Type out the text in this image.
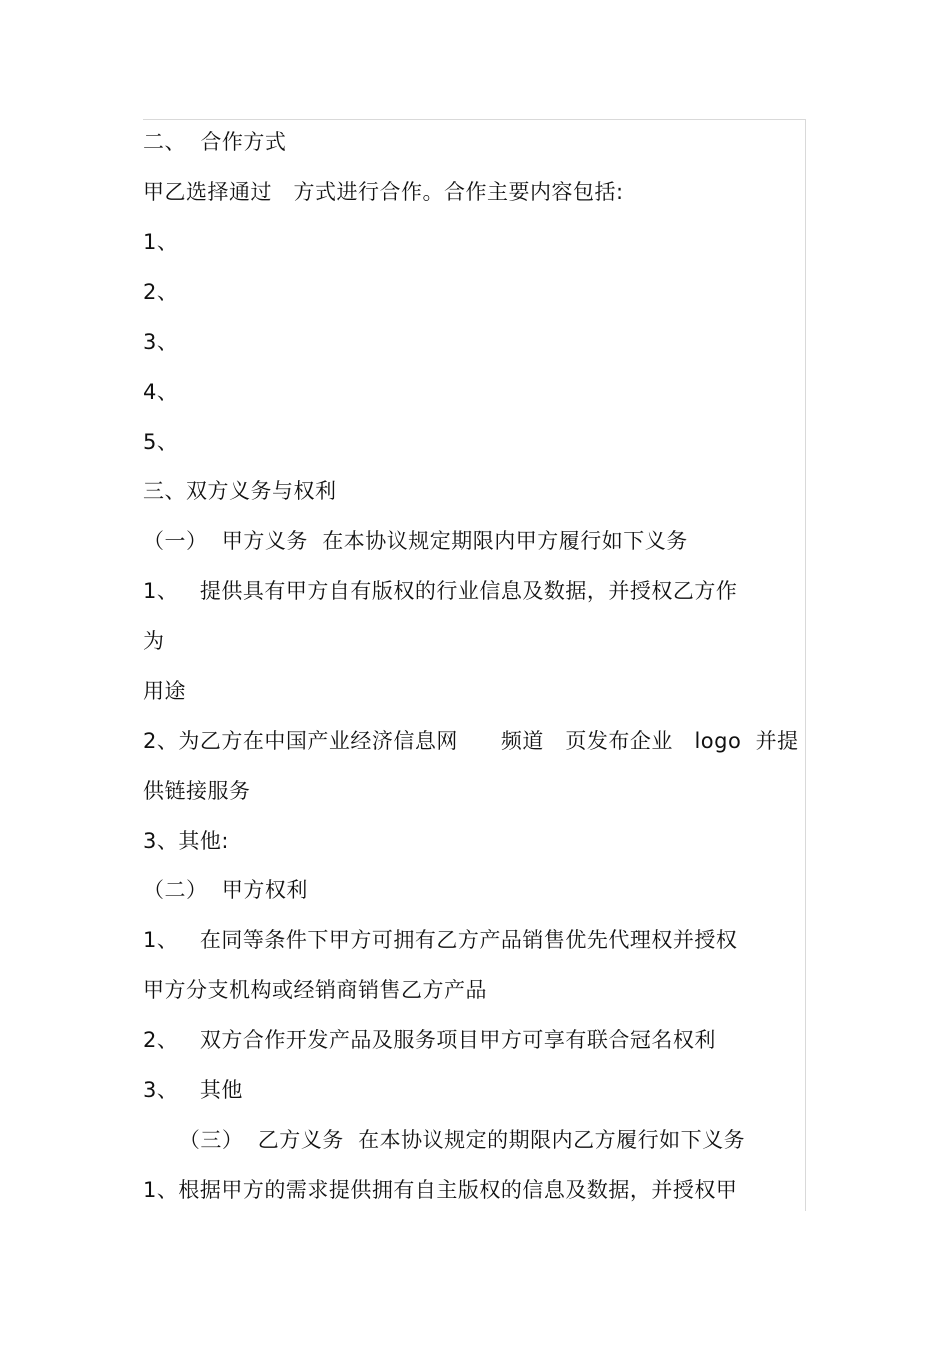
二、  合作方式
甲乙选择通过   方式进行合作。合作主要内容包括:
1、
2、
3、
4、
5、
三、双方义务与权利
（一）  甲方义务  在本协议规定期限内甲方履行如下义务
1、   提供具有甲方自有版权的行业信息及数据，并授权乙方作
为
用途
2、为乙方在中国产业经济信息网      频道   页发布企业   logo  并提
供链接服务
3、其他:
（二）  甲方权利
1、   在同等条件下甲方可拥有乙方产品销售优先代理权并授权
甲方分支机构或经销商销售乙方产品
2、   双方合作开发产品及服务项目甲方可享有联合冠名权利
3、   其他
（三）  乙方义务  在本协议规定的期限内乙方履行如下义务
1、根据甲方的需求提供拥有自主版权的信息及数据，并授权甲
